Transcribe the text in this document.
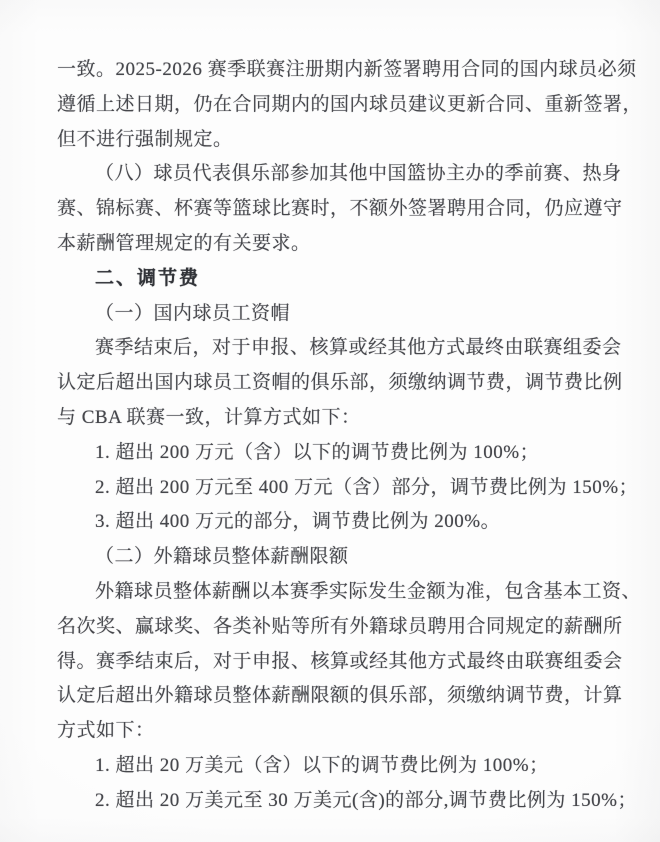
一致。2025-2026 赛季联赛注册期内新签署聘用合同的国内球员必须
遵循上述日期，仍在合同期内的国内球员建议更新合同、重新签署，
但不进行强制规定。
（八）球员代表俱乐部参加其他中国篮协主办的季前赛、热身
赛、锦标赛、杯赛等篮球比赛时，不额外签署聘用合同，仍应遵守
本薪酬管理规定的有关要求。
二、调节费
（一）国内球员工资帽
赛季结束后，对于申报、核算或经其他方式最终由联赛组委会
认定后超出国内球员工资帽的俱乐部，须缴纳调节费，调节费比例
与 CBA 联赛一致，计算方式如下：
1. 超出 200 万元（含）以下的调节费比例为 100%；
2. 超出 200 万元至 400 万元（含）部分，调节费比例为 150%；
3. 超出 400 万元的部分，调节费比例为 200%。
（二）外籍球员整体薪酬限额
外籍球员整体薪酬以本赛季实际发生金额为准，包含基本工资、
名次奖、赢球奖、各类补贴等所有外籍球员聘用合同规定的薪酬所
得。赛季结束后，对于申报、核算或经其他方式最终由联赛组委会
认定后超出外籍球员整体薪酬限额的俱乐部，须缴纳调节费，计算
方式如下：
1. 超出 20 万美元（含）以下的调节费比例为 100%；
2. 超出 20 万美元至 30 万美元(含)的部分,调节费比例为 150%；
